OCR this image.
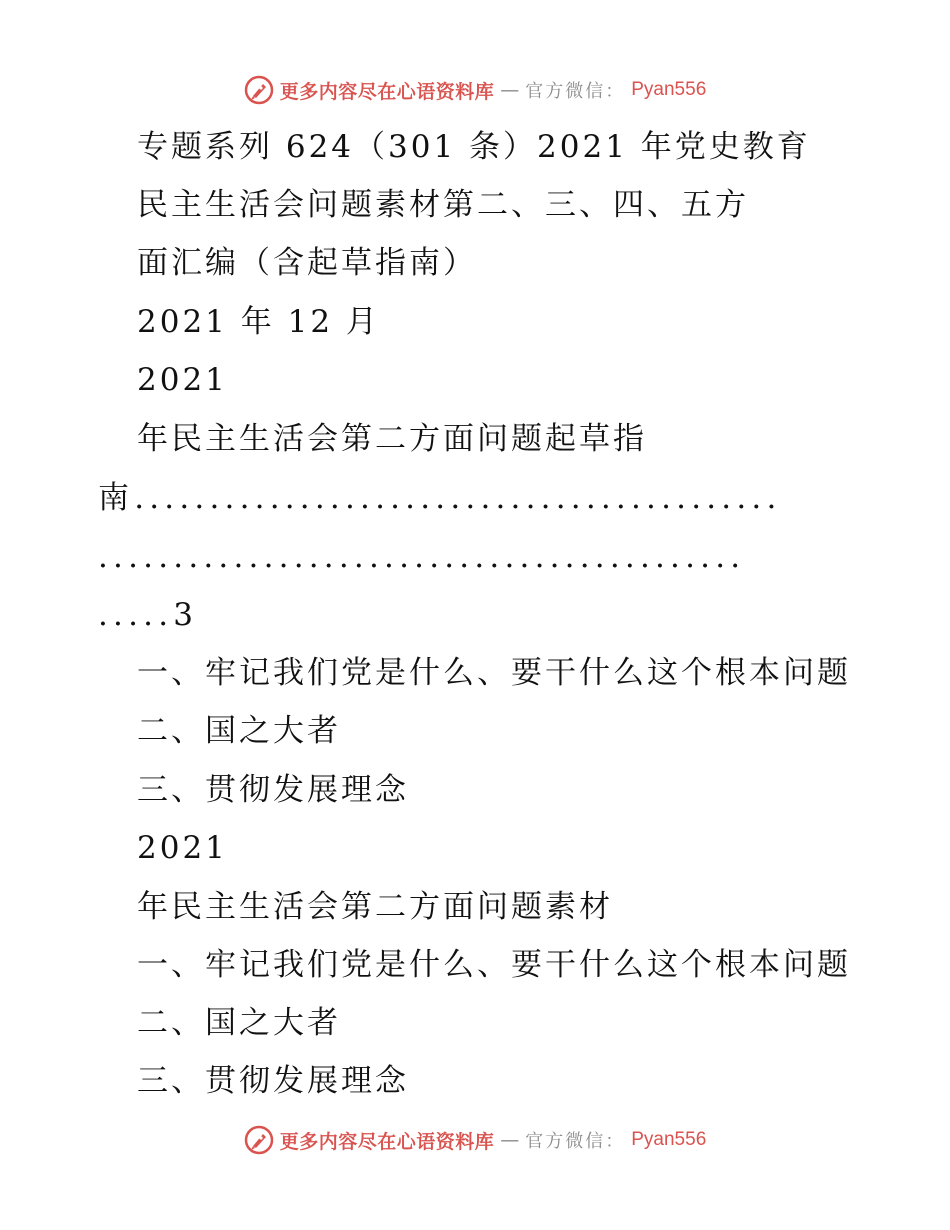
更多内容尽在心语资料库 — 官方微信： Pyan556
专题系列 624（301 条）2021 年党史教育
民主生活会问题素材第二、三、四、五方
面汇编（含起草指南）
2021 年 12 月
2021
年民主生活会第二方面问题起草指
南...........................................
...........................................
.....3
一、牢记我们党是什么、要干什么这个根本问题
二、国之大者
三、贯彻发展理念
2021
年民主生活会第二方面问题素材
一、牢记我们党是什么、要干什么这个根本问题
二、国之大者
三、贯彻发展理念
更多内容尽在心语资料库 — 官方微信： Pyan556
